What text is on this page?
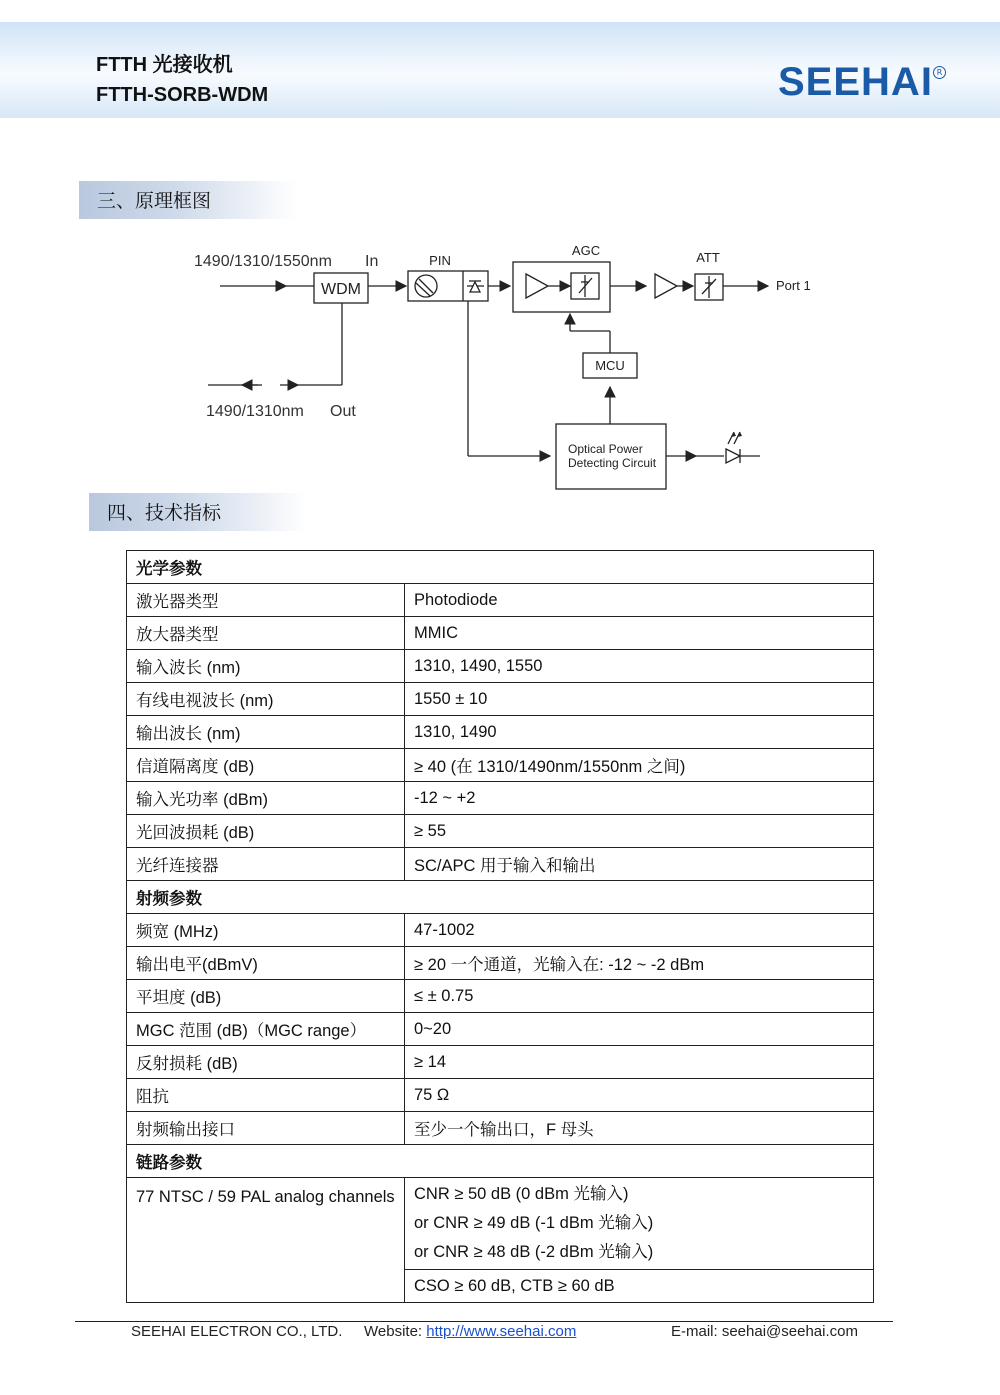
FTTH 光接收机
FTTH-SORB-WDM	SEEHAI R
三、原理框图
1490/1310/1550nm In
WDM
PIN
AGC	ATT
Port 1
MCU
Optical Power
Detecting Circuit
1490/1310nm Out
四、技术指标
光学参数	
激光器类型	Photodiode
放大器类型	MMIC
输入波长 (nm)	1310, 1490, 1550
有线电视波长 (nm)	1550 ± 10
输出波长 (nm)	1310, 1490
信道隔离度 (dB)	≥ 40 (在 1310/1490nm/1550nm 之间)
输入光功率 (dBm)	-12 ~ +2
光回波损耗 (dB)	≥ 55
光纤连接器	SC/APC 用于输入和输出
射频参数	
频宽 (MHz)	47-1002
输出电平(dBmV)	≥ 20 一个通道，光输入在: -12 ~ -2 dBm
平坦度 (dB)	≤ ± 0.75
MGC 范围 (dB)（MGC range）	0~20
反射损耗 (dB)	≥ 14
阻抗	75 Ω
射频输出接口	至少一个输出口，F 母头
链路参数	
77 NTSC / 59 PAL analog channels	CNR ≥ 50 dB (0 dBm 光输入)
or CNR ≥ 49 dB (-1 dBm 光输入)
or CNR ≥ 48 dB (-2 dBm 光输入)

	CSO ≥ 60 dB, CTB ≥ 60 dB
SEEHAI ELECTRON CO., LTD. Website: http://www.seehai.com	E-mail: seehai@seehai.com
